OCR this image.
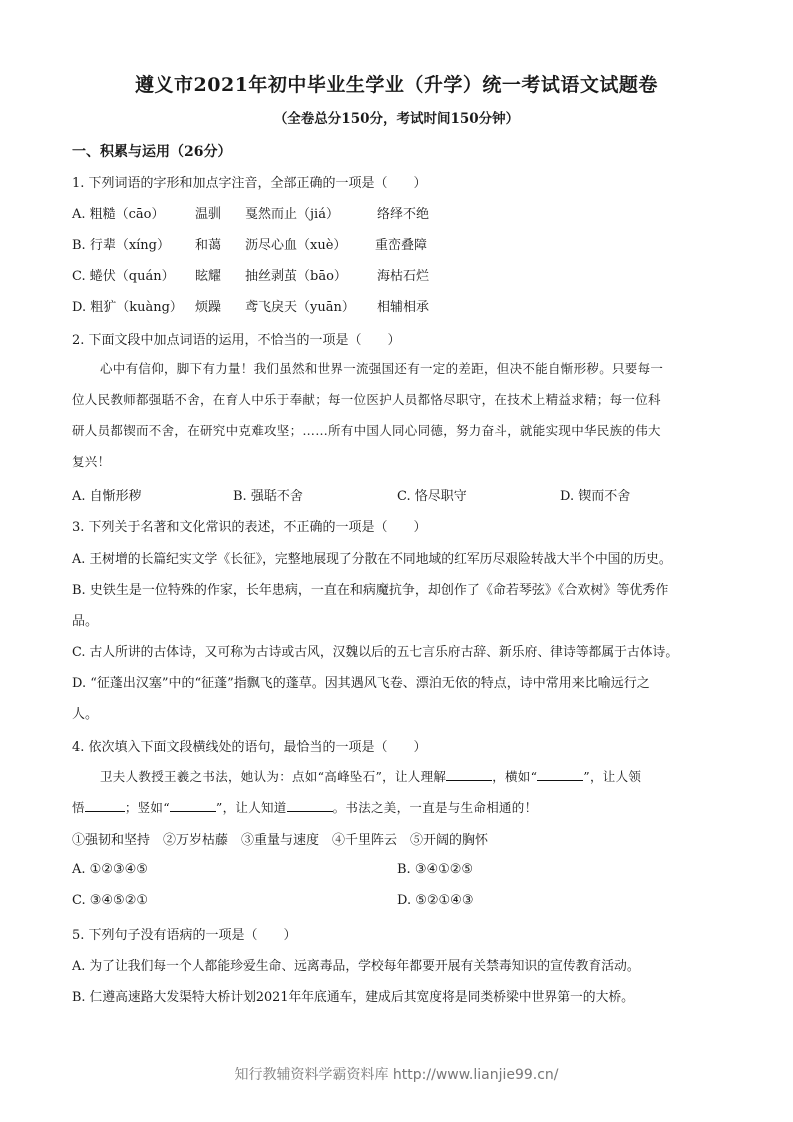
遵义市2021年初中毕业生学业（升学）统一考试语文试题卷
（全卷总分150分，考试时间150分钟）
一、积累与运用（26分）
1. 下列词语的字形和加点字注音，全部正确的一项是（　　）
A. 粗糙（cāo） 温驯 戛然而止（jiá）	络绎不绝
B. 行辈（xíng） 和蔼 沥尽心血（xuè） 重峦叠障
C. 蜷伏（quán） 眩耀 抽丝剥茧（bāo） 海枯石烂
D. 粗犷（kuàng） 烦躁 鸢飞戾天（yuān） 相辅相承
2. 下面文段中加点词语的运用，不恰当的一项是（　　）
心中有信仰，脚下有力量！我们虽然和世界一流强国还有一定的差距，但决不能自惭形秽。只要每一
位人民教师都强聒不舍，在育人中乐于奉献；每一位医护人员都恪尽职守，在技术上精益求精；每一位科
研人员都锲而不舍，在研究中克难攻坚；……所有中国人同心同德，努力奋斗，就能实现中华民族的伟大
复兴！
A. 自惭形秽	B. 强聒不舍	C. 恪尽职守	D. 锲而不舍
3. 下列关于名著和文化常识的表述，不正确的一项是（　　）
A. 王树增的长篇纪实文学《长征》，完整地展现了分散在不同地域的红军历尽艰险转战大半个中国的历史。
B. 史铁生是一位特殊的作家，长年患病，一直在和病魔抗争，却创作了《命若琴弦》《合欢树》等优秀作
品。
C. 古人所讲的古体诗，又可称为古诗或古风，汉魏以后的五七言乐府古辞、新乐府、律诗等都属于古体诗。
D. “征蓬出汉塞”中的“征蓬”指飘飞的蓬草。因其遇风飞卷、漂泊无依的特点，诗中常用来比喻远行之
人。
4. 依次填入下面文段横线处的语句，最恰当的一项是（　　）
卫夫人教授王羲之书法，她认为：点如“高峰坠石”，让人理解	，横如“	”，让人领
悟	；竖如“	”，让人知道	。书法之美，一直是与生命相通的！
①强韧和坚持　②万岁枯藤　③重量与速度　④千里阵云　⑤开阔的胸怀
A. ①②③④⑤	B. ③④①②⑤
C. ③④⑤②①	D. ⑤②①④③
5. 下列句子没有语病的一项是（　　）
A. 为了让我们每一个人都能珍爱生命、远离毒品，学校每年都要开展有关禁毒知识的宣传教育活动。
B. 仁遵高速路大发渠特大桥计划2021年年底通车，建成后其宽度将是同类桥梁中世界第一的大桥。
知行教辅资料学霸资料库 http://www.lianjie99.cn/
